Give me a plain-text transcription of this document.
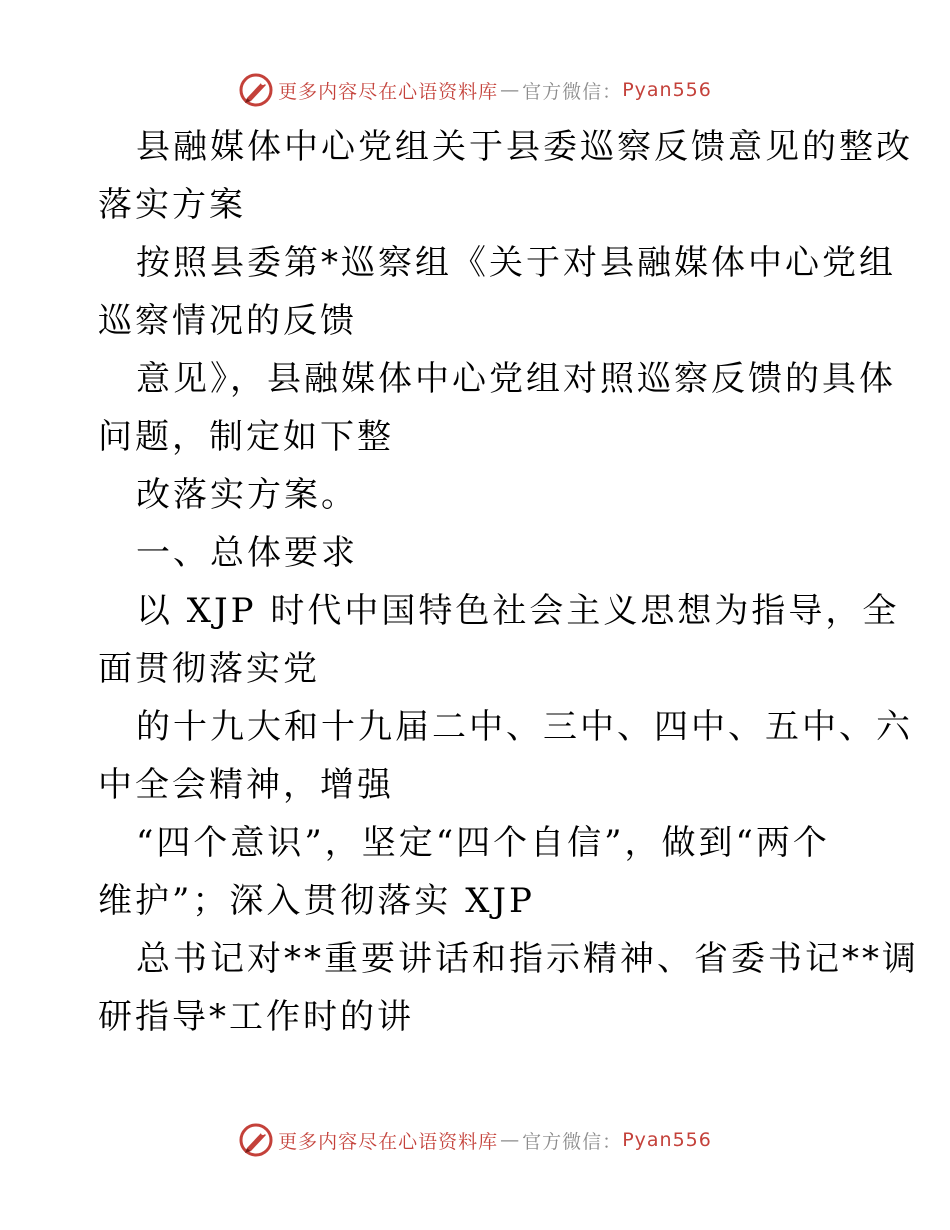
更多内容尽在心语资料库 — 官方微信： Pyan556
县融媒体中心党组关于县委巡察反馈意见的整改
落实方案
按照县委第*巡察组《关于对县融媒体中心党组
巡察情况的反馈
意见》，县融媒体中心党组对照巡察反馈的具体
问题，制定如下整
改落实方案。
一、总体要求
以 XJP 时代中国特色社会主义思想为指导，全
面贯彻落实党
的十九大和十九届二中、三中、四中、五中、六
中全会精神，增强
“四个意识”，坚定“四个自信”，做到“两个
维护”；深入贯彻落实 XJP
总书记对**重要讲话和指示精神、省委书记**调
研指导*工作时的讲
更多内容尽在心语资料库 — 官方微信： Pyan556
